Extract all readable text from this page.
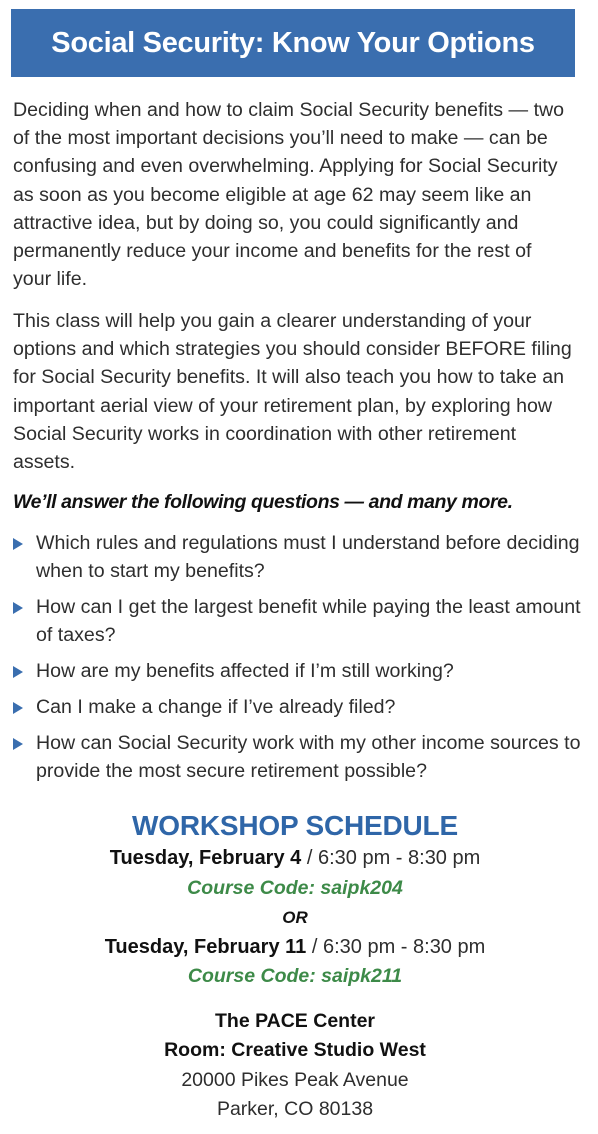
Social Security: Know Your Options

Deciding when and how to claim Social Security benefits — two of the most important decisions you’ll need to make — can be confusing and even overwhelming. Applying for Social Security as soon as you become eligible at age 62 may seem like an attractive idea, but by doing so, you could significantly and permanently reduce your income and benefits for the rest of your life.

This class will help you gain a clearer understanding of your options and which strategies you should consider BEFORE filing for Social Security benefits. It will also teach you how to take an important aerial view of your retirement plan, by exploring how Social Security works in coordination with other retirement assets.

We’ll answer the following questions — and many more.
Which rules and regulations must I understand before deciding when to start my benefits?
How can I get the largest benefit while paying the least amount of taxes?
How are my benefits affected if I’m still working?
Can I make a change if I’ve already filed?
How can Social Security work with my other income sources to provide the most secure retirement possible?
WORKSHOP SCHEDULE
Tuesday, February 4 / 6:30 pm - 8:30 pm
Course Code: saipk204
OR
Tuesday, February 11 / 6:30 pm - 8:30 pm
Course Code: saipk211
The PACE Center
Room: Creative Studio West
20000 Pikes Peak Avenue
Parker, CO 80138
